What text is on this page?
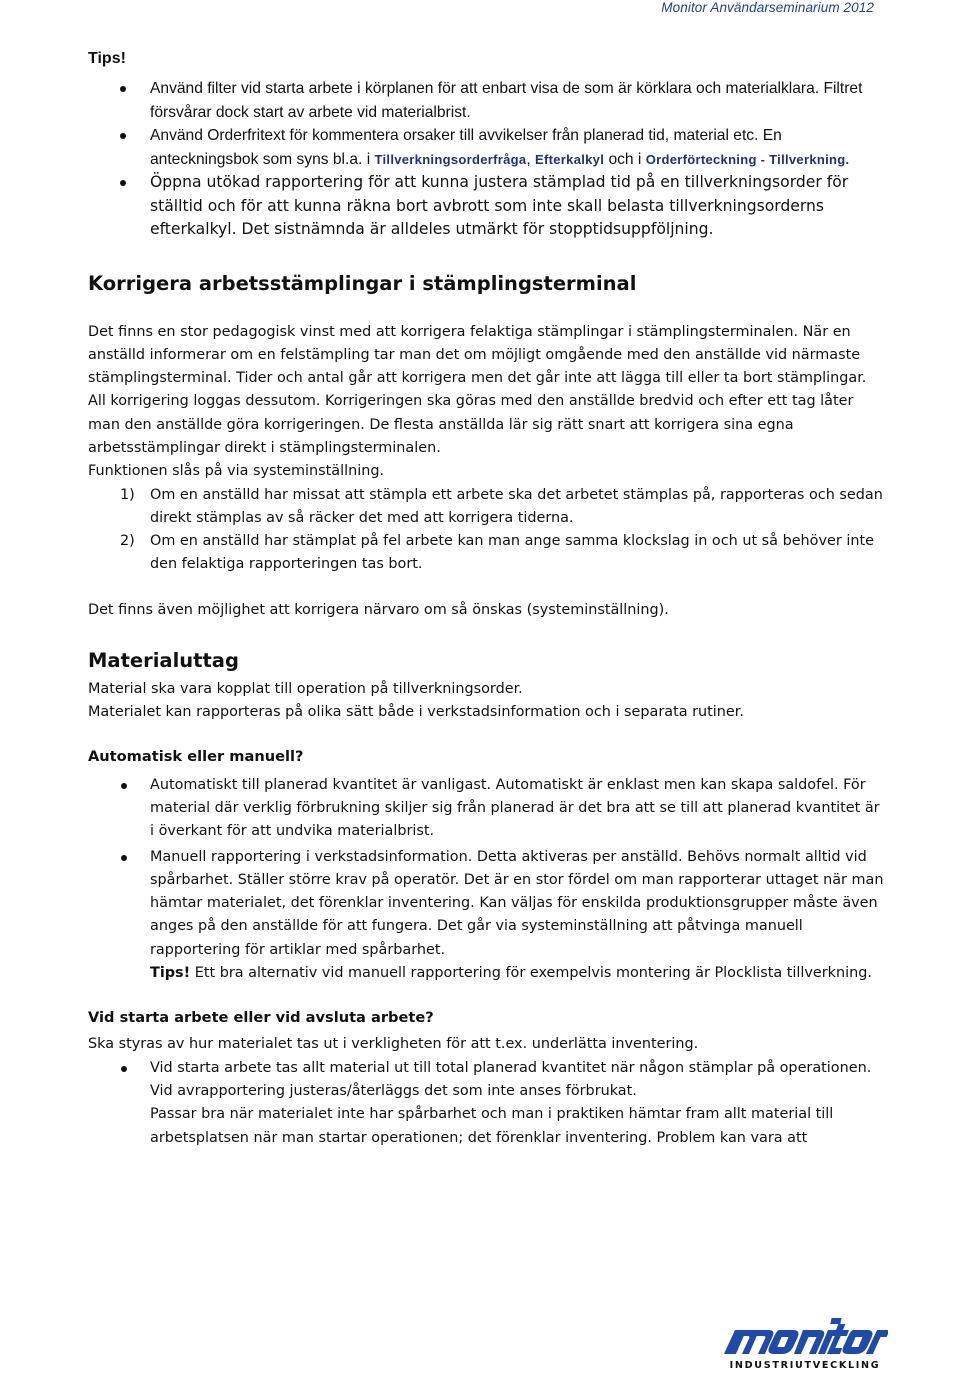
Monitor Användarseminarium 2012
Tips!
Använd filter vid starta arbete i körplanen för att enbart visa de som är körklara och materialklara. Filtret försvårar dock start av arbete vid materialbrist.
Använd Orderfritext för kommentera orsaker till avvikelser från planerad tid, material etc. En anteckningsbok som syns bl.a. i Tillverkningsorderfråga, Efterkalkyl och i Orderförteckning - Tillverkning.
Öppna utökad rapportering för att kunna justera stämplad tid på en tillverkningsorder för ställtid och för att kunna räkna bort avbrott som inte skall belasta tillverkningsorderns efterkalkyl. Det sistnämnda är alldeles utmärkt för stopptidsuppföljning.
Korrigera arbetsstämplingar i stämplingsterminal

Det finns en stor pedagogisk vinst med att korrigera felaktiga stämplingar i stämplingsterminalen. När en anställd informerar om en felstämpling tar man det om möjligt omgående med den anställde vid närmaste stämplingsterminal. Tider och antal går att korrigera men det går inte att lägga till eller ta bort stämplingar. All korrigering loggas dessutom. Korrigeringen ska göras med den anställde bredvid och efter ett tag låter man den anställde göra korrigeringen. De flesta anställda lär sig rätt snart att korrigera sina egna arbetsstämplingar direkt i stämplingsterminalen.

Funktionen slås på via systeminställning.

1) Om en anställd har missat att stämpla ett arbete ska det arbetet stämplas på, rapporteras och sedan direkt stämplas av så räcker det med att korrigera tiderna.
2) Om en anställd har stämplat på fel arbete kan man ange samma klockslag in och ut så behöver inte den felaktiga rapporteringen tas bort.

Det finns även möjlighet att korrigera närvaro om så önskas (systeminställning).

Materialuttag

Material ska vara kopplat till operation på tillverkningsorder.

Materialet kan rapporteras på olika sätt både i verkstadsinformation och i separata rutiner.

Automatisk eller manuell?
Automatiskt till planerad kvantitet är vanligast. Automatiskt är enklast men kan skapa saldofel. För material där verklig förbrukning skiljer sig från planerad är det bra att se till att planerad kvantitet är i överkant för att undvika materialbrist.
Manuell rapportering i verkstadsinformation. Detta aktiveras per anställd. Behövs normalt alltid vid spårbarhet. Ställer större krav på operatör. Det är en stor fördel om man rapporterar uttaget när man hämtar materialet, det förenklar inventering. Kan väljas för enskilda produktionsgrupper måste även anges på den anställde för att fungera. Det går via systeminställning att påtvinga manuell rapportering för artiklar med spårbarhet.
Tips! Ett bra alternativ vid manuell rapportering för exempelvis montering är Plocklista tillverkning.
Vid starta arbete eller vid avsluta arbete?

Ska styras av hur materialet tas ut i verkligheten för att t.ex. underlätta inventering.

Vid starta arbete tas allt material ut till total planerad kvantitet när någon stämplar på operationen. Vid avrapportering justeras/återläggs det som inte anses förbrukat.
Passar bra när materialet inte har spårbarhet och man i praktiken hämtar fram allt material till arbetsplatsen när man startar operationen; det förenklar inventering. Problem kan vara att
INDUSTRIUTVECKLING
